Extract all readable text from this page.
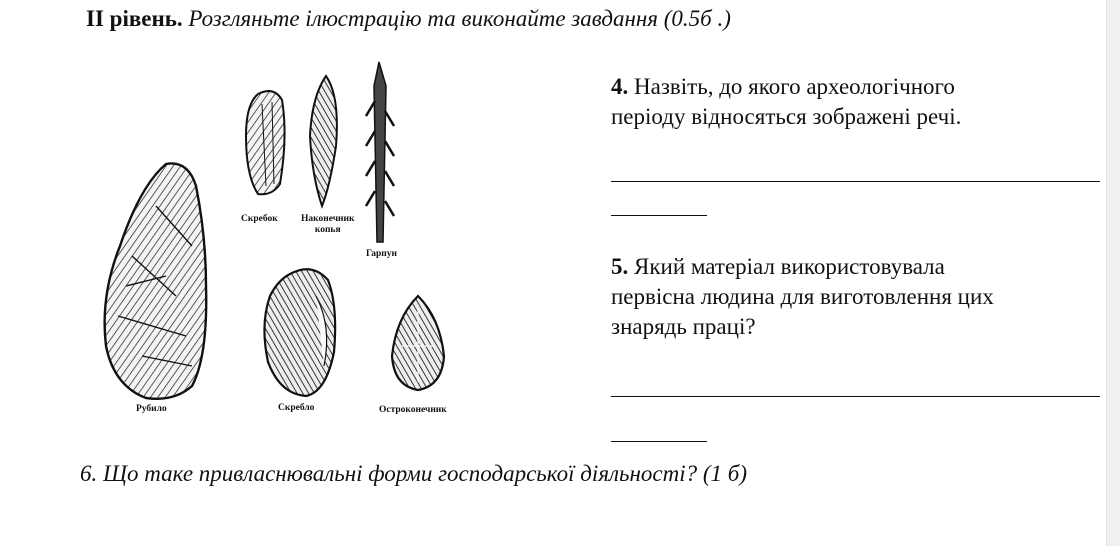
ІІ рівень. Розгляньте ілюстрацію та виконайте завдання (0.5б .)
Скребок Наконечник
копья
Гарпун
Рубило	Скребло	Остроконечник
4. Назвіть, до якого археологічного
періоду відносяться зображені речі.
5. Який матеріал використовувала
первісна людина для виготовлення цих
знарядь праці?
6. Що таке привласнювальні форми господарської діяльності? (1 б)
